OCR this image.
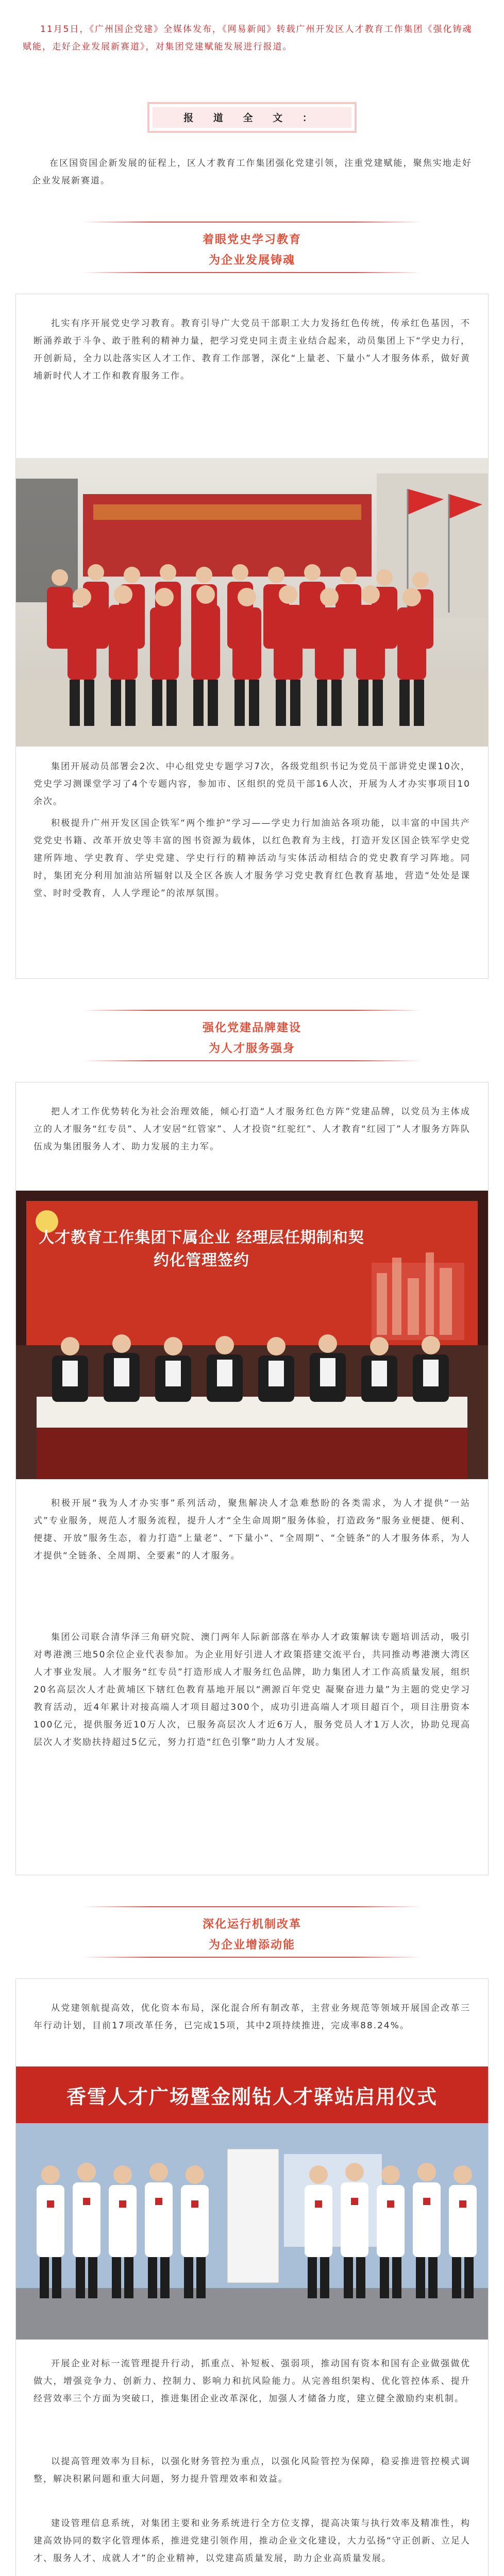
11月5日，《广州国企党建》全媒体发布，《网易新闻》转载广州开发区人才教育工作集团《强化铸魂赋能，走好企业发展新赛道》，对集团党建赋能发展进行报道。
报 道 全 文 ：
在区国资国企新发展的征程上，区人才教育工作集团强化党建引领，注重党建赋能，聚焦实地走好企业发展新赛道。
着眼党史学习教育
为企业发展铸魂
扎实有序开展党史学习教育。教育引导广大党员干部职工大力发扬红色传统，传承红色基因，不断涌养敢于斗争、敢于胜利的精神力量，把学习党史同主责主业结合起来，动员集团上下“学史力行，开创新局，全力以赴落实区人才工作、教育工作部署，深化“上量老、下量小”人才服务体系，做好黄埔新时代人才工作和教育服务工作。
集团开展动员部署会2次、中心组党史专题学习7次，各级党组织书记为党员干部讲党史课10次，党史学习测课堂学习了4个专题内容，参加市、区组织的党员干部16人次，开展为人才办实事项目10余次。
积极提升广州开发区国企铁军“两个维护”学习——学史力行加油站各项功能，以丰富的中国共产党党史书籍、改革开放史等丰富的图书资源为载体，以红色教育为主线，打造开发区国企铁军学史党建所阵地、学史教育、学史党建、学史行行的精神活动与实体活动相结合的党史教育学习阵地。同时，集团充分利用加油站所辐射以及全区各族人才服务学习党史教育红色教育基地，营造“处处是课堂、时时受教育，人人学理论”的浓厚氛围。
强化党建品牌建设
为人才服务强身
把人才工作优势转化为社会治理效能，倾心打造“人才服务红色方阵”党建品牌，以党员为主体成立的人才服务“红专员”、人才安居“红管家”、人才投资“红驼红”、人才教育“红园丁”人才服务方阵队伍成为集团服务人才、助力发展的主力军。
人才教育工作集团下属企业 经理层任期制和契约化管理签约
积极开展“我为人才办实事”系列活动，聚焦解决人才急难愁盼的各类需求，为人才提供“一站式”专业服务，规范人才服务流程，提升人才“全生命周期”服务体验，打造政务“服务业便捷、便利、便捷、开放”服务生态，着力打造“上量老”、“下量小”、“全周期”、“全链条”的人才服务体系，为人才提供“全链条、全周期、全要素”的人才服务。
集团公司联合清华泽三角研究院、澳门两年人际新部落在举办人才政策解读专题培训活动，吸引对粤港澳三地50余位企业代表参加。为企业用好引进人才政策搭建交流平台，共同推动粤港澳大湾区人才事业发展。人才服务“红专员”打造形成人才服务红色品牌，助力集团人才工作高质量发展，组织20名高层次人才赴黄埔区下辖红色教育基地开展以“溯源百年党史 凝聚奋进力量”为主题的党史学习教育活动，近4年累计对接高端人才项目超过300个，成功引进高端人才项目超百个，项目注册资本100亿元，提供服务近10万人次，已服务高层次人才近6万人，服务党员人才1万人次，协助兑现高层次人才奖励扶持超过5亿元，努力打造“红色引擎”助力人才发展。
深化运行机制改革
为企业增添动能
从党建领航提高效，优化资本布局，深化混合所有制改革，主营业务规范等领域开展国企改革三年行动计划，目前17项改革任务，已完成15项，其中2项持续推进，完成率88.24%。
香雪人才广场暨金刚钻人才驿站启用仪式
开展企业对标一流管理提升行动，抓重点、补短板、强弱项，推动国有资本和国有企业做强做优做大，增强竞争力、创新力、控制力、影响力和抗风险能力。从完善组织架构、优化管控体系、提升经营效率三个方面为突破口，推进集团企业改革深化，加强人才储备力度，建立健全激励约束机制。
以提高管理效率为目标，以强化财务管控为重点，以强化风险管控为保障，稳妥推进管控模式调整，解决积累问题和重大问题，努力提升管理效率和效益。
建设管理信息系统，对集团主要和业务系统进行全方位支撑，提高决策与执行效率及精准性，构建高效协同的数字化管理体系，推进党建引领作用，推动企业文化建设，大力弘扬“守正创新、立足人才、服务人才、成就人才”的企业精神，以党建高质量发展，助力企业高质量发展。
